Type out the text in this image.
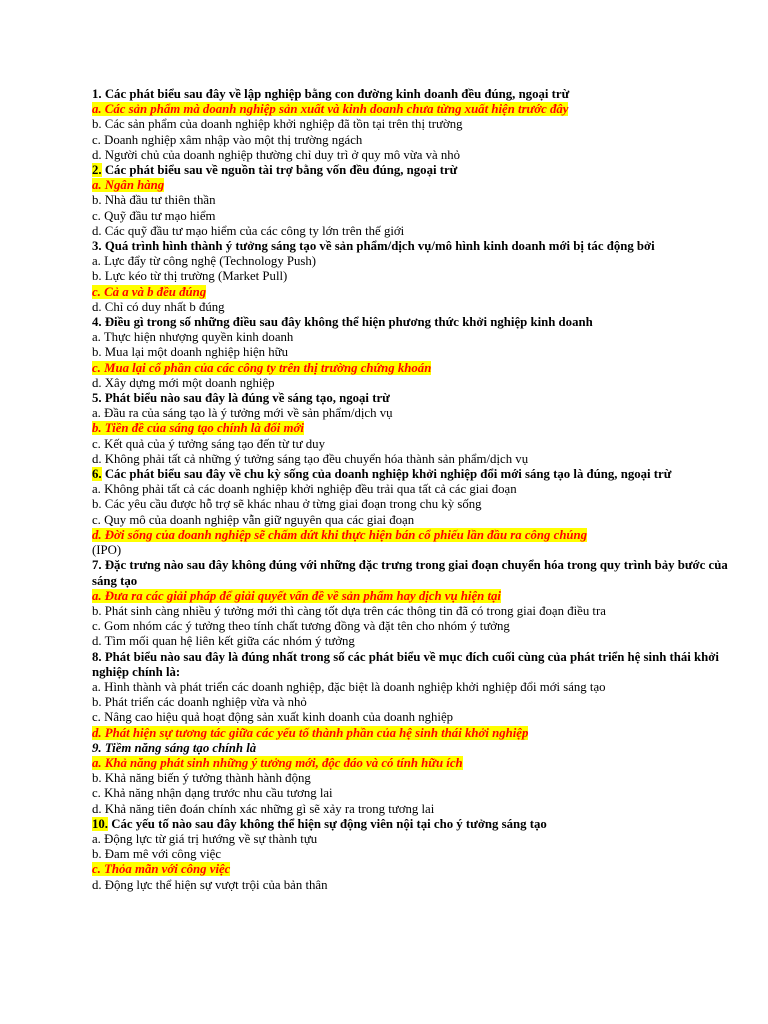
1. Các phát biểu sau đây về lập nghiệp bằng con đường kinh doanh đều đúng, ngoại trừ
a. Các sản phẩm mà doanh nghiệp sản xuất và kinh doanh chưa từng xuất hiện trước đây
b. Các sản phẩm của doanh nghiệp khởi nghiệp đã tồn tại trên thị trường
c. Doanh nghiệp xâm nhập vào một thị trường ngách
d. Người chủ của doanh nghiệp thường chỉ duy trì ở quy mô vừa và nhỏ
2. Các phát biểu sau về nguồn tài trợ bằng vốn đều đúng, ngoại trừ
a. Ngân hàng
b. Nhà đầu tư thiên thần
c. Quỹ đầu tư mạo hiểm
d. Các quỹ đầu tư mạo hiểm của các công ty lớn trên thế giới
3. Quá trình hình thành ý tưởng sáng tạo về sản phẩm/dịch vụ/mô hình kinh doanh mới bị tác động bởi
a. Lực đẩy từ công nghệ (Technology Push)
b. Lực kéo từ thị trường (Market Pull)
c. Cả a và b đều đúng
d. Chỉ có duy nhất b đúng
4. Điều gì trong số những điều sau đây không thể hiện phương thức khởi nghiệp kinh doanh
a. Thực hiện nhượng quyền kinh doanh
b. Mua lại một doanh nghiệp hiện hữu
c. Mua lại cổ phần của các công ty trên thị trường chứng khoán
d. Xây dựng mới một doanh nghiệp
5. Phát biểu nào sau đây là đúng về sáng tạo, ngoại trừ
a. Đầu ra của sáng tạo là ý tưởng mới về sản phẩm/dịch vụ
b. Tiền đề của sáng tạo chính là đổi mới
c. Kết quả của ý tưởng sáng tạo đến từ tư duy
d. Không phải tất cả những ý tưởng sáng tạo đều chuyển hóa thành sản phẩm/dịch vụ
6. Các phát biểu sau đây về chu kỳ sống của doanh nghiệp khởi nghiệp đổi mới sáng tạo là đúng, ngoại trừ
a. Không phải tất cả các doanh nghiệp khởi nghiệp đều trải qua tất cả các giai đoạn
b. Các yêu cầu được hỗ trợ sẽ khác nhau ở từng giai đoạn trong chu kỳ sống
c. Quy mô của doanh nghiệp vẫn giữ nguyên qua các giai đoạn
d. Đời sống của doanh nghiệp sẽ chấm dứt khi thực hiện bán cổ phiếu lần đầu ra công chúng
(IPO)
7. Đặc trưng nào sau đây không đúng với những đặc trưng trong giai đoạn chuyển hóa trong quy trình bảy bước của sáng tạo
a. Đưa ra các giải pháp để giải quyết vấn đề về sản phẩm hay dịch vụ hiện tại
b. Phát sinh càng nhiều ý tưởng mới thì càng tốt dựa trên các thông tin đã có trong giai đoạn điều tra
c. Gom nhóm các ý tưởng theo tính chất tương đồng và đặt tên cho nhóm ý tưởng
d. Tìm mối quan hệ liên kết giữa các nhóm ý tưởng
8. Phát biểu nào sau đây là đúng nhất trong số các phát biểu về mục đích cuối cùng của phát triển hệ sinh thái khởi nghiệp chính là:
a. Hình thành và phát triển các doanh nghiệp, đặc biệt là doanh nghiệp khởi nghiệp đổi mới sáng tạo
b. Phát triển các doanh nghiệp vừa và nhỏ
c. Nâng cao hiệu quả hoạt động sản xuất kinh doanh của doanh nghiệp
d. Phát hiện sự tương tác giữa các yếu tố thành phần của hệ sinh thái khởi nghiệp
9. Tiềm năng sáng tạo chính là
a. Khả năng phát sinh những ý tưởng mới, độc đáo và có tính hữu ích
b. Khả năng biến ý tưởng thành hành động
c. Khả năng nhận dạng trước nhu cầu tương lai
d. Khả năng tiên đoán chính xác những gì sẽ xảy ra trong tương lai
10. Các yếu tố nào sau đây không thể hiện sự động viên nội tại cho ý tưởng sáng tạo
a. Động lực từ giá trị hướng về sự thành tựu
b. Đam mê với công việc
c. Thỏa mãn với công việc
d. Động lực thể hiện sự vượt trội của bản thân
